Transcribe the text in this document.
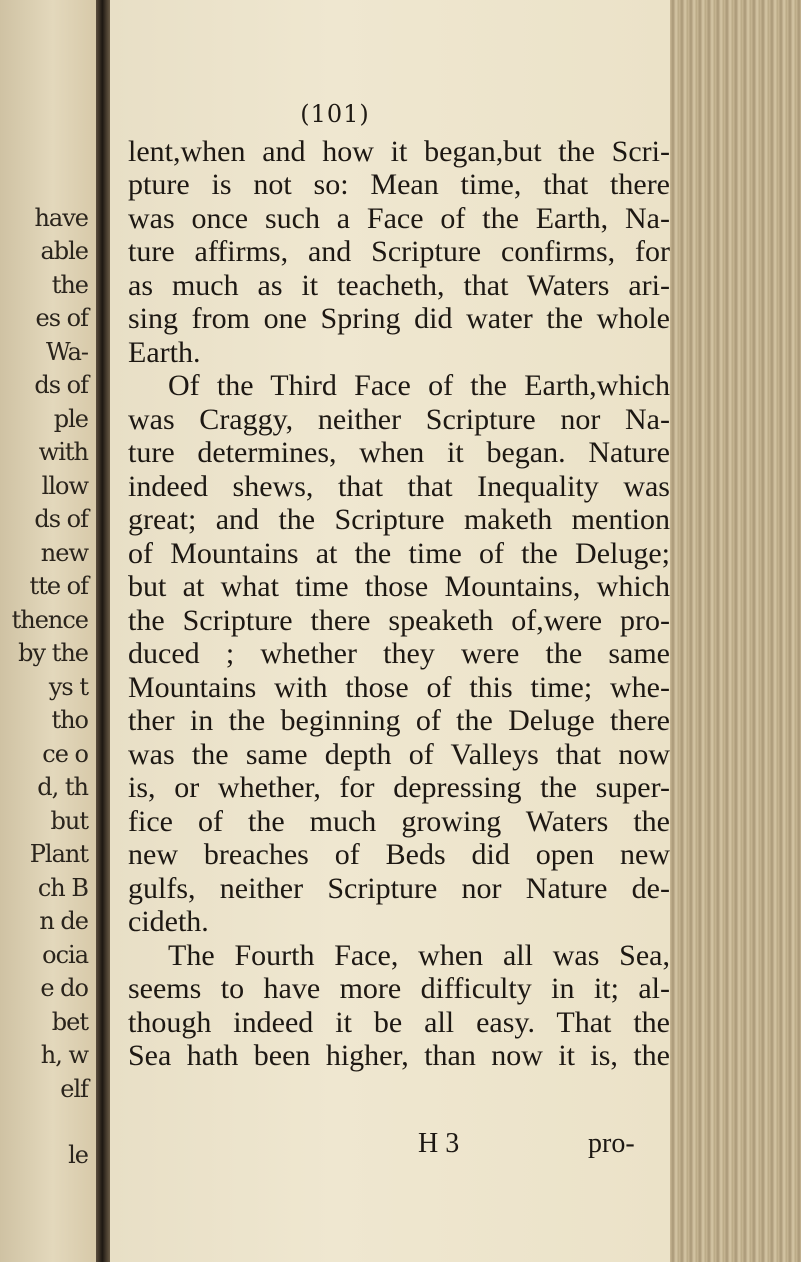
have
able
the
es of
Wa-
ds of
ple
with
llow
ds of
new
tte of
thence
by the
ys t
tho
ce o
d, th
but
Plant
ch B
n de
ocia
e do
bet
h, w
elf
le
(101)
lent,when and how it began,but the Scri-
pture is not so: Mean time, that there
was once such a Face of the Earth, Na-
ture affirms, and Scripture confirms, for
as much as it teacheth, that Waters ari-
sing from one Spring did water the whole
Earth.
Of the Third Face of the Earth,which
was Craggy, neither Scripture nor Na-
ture determines, when it began. Nature
indeed shews, that that Inequality was
great; and the Scripture maketh mention
of Mountains at the time of the Deluge;
but at what time those Mountains, which
the Scripture there speaketh of,were pro-
duced ; whether they were the same
Mountains with those of this time; whe-
ther in the beginning of the Deluge there
was the same depth of Valleys that now
is, or whether, for depressing the super-
fice of the much growing Waters the
new breaches of Beds did open new
gulfs, neither Scripture nor Nature de-
cideth.
The Fourth Face, when all was Sea,
seems to have more difficulty in it; al-
though indeed it be all easy. That the
Sea hath been higher, than now it is, the
H 3	pro-
